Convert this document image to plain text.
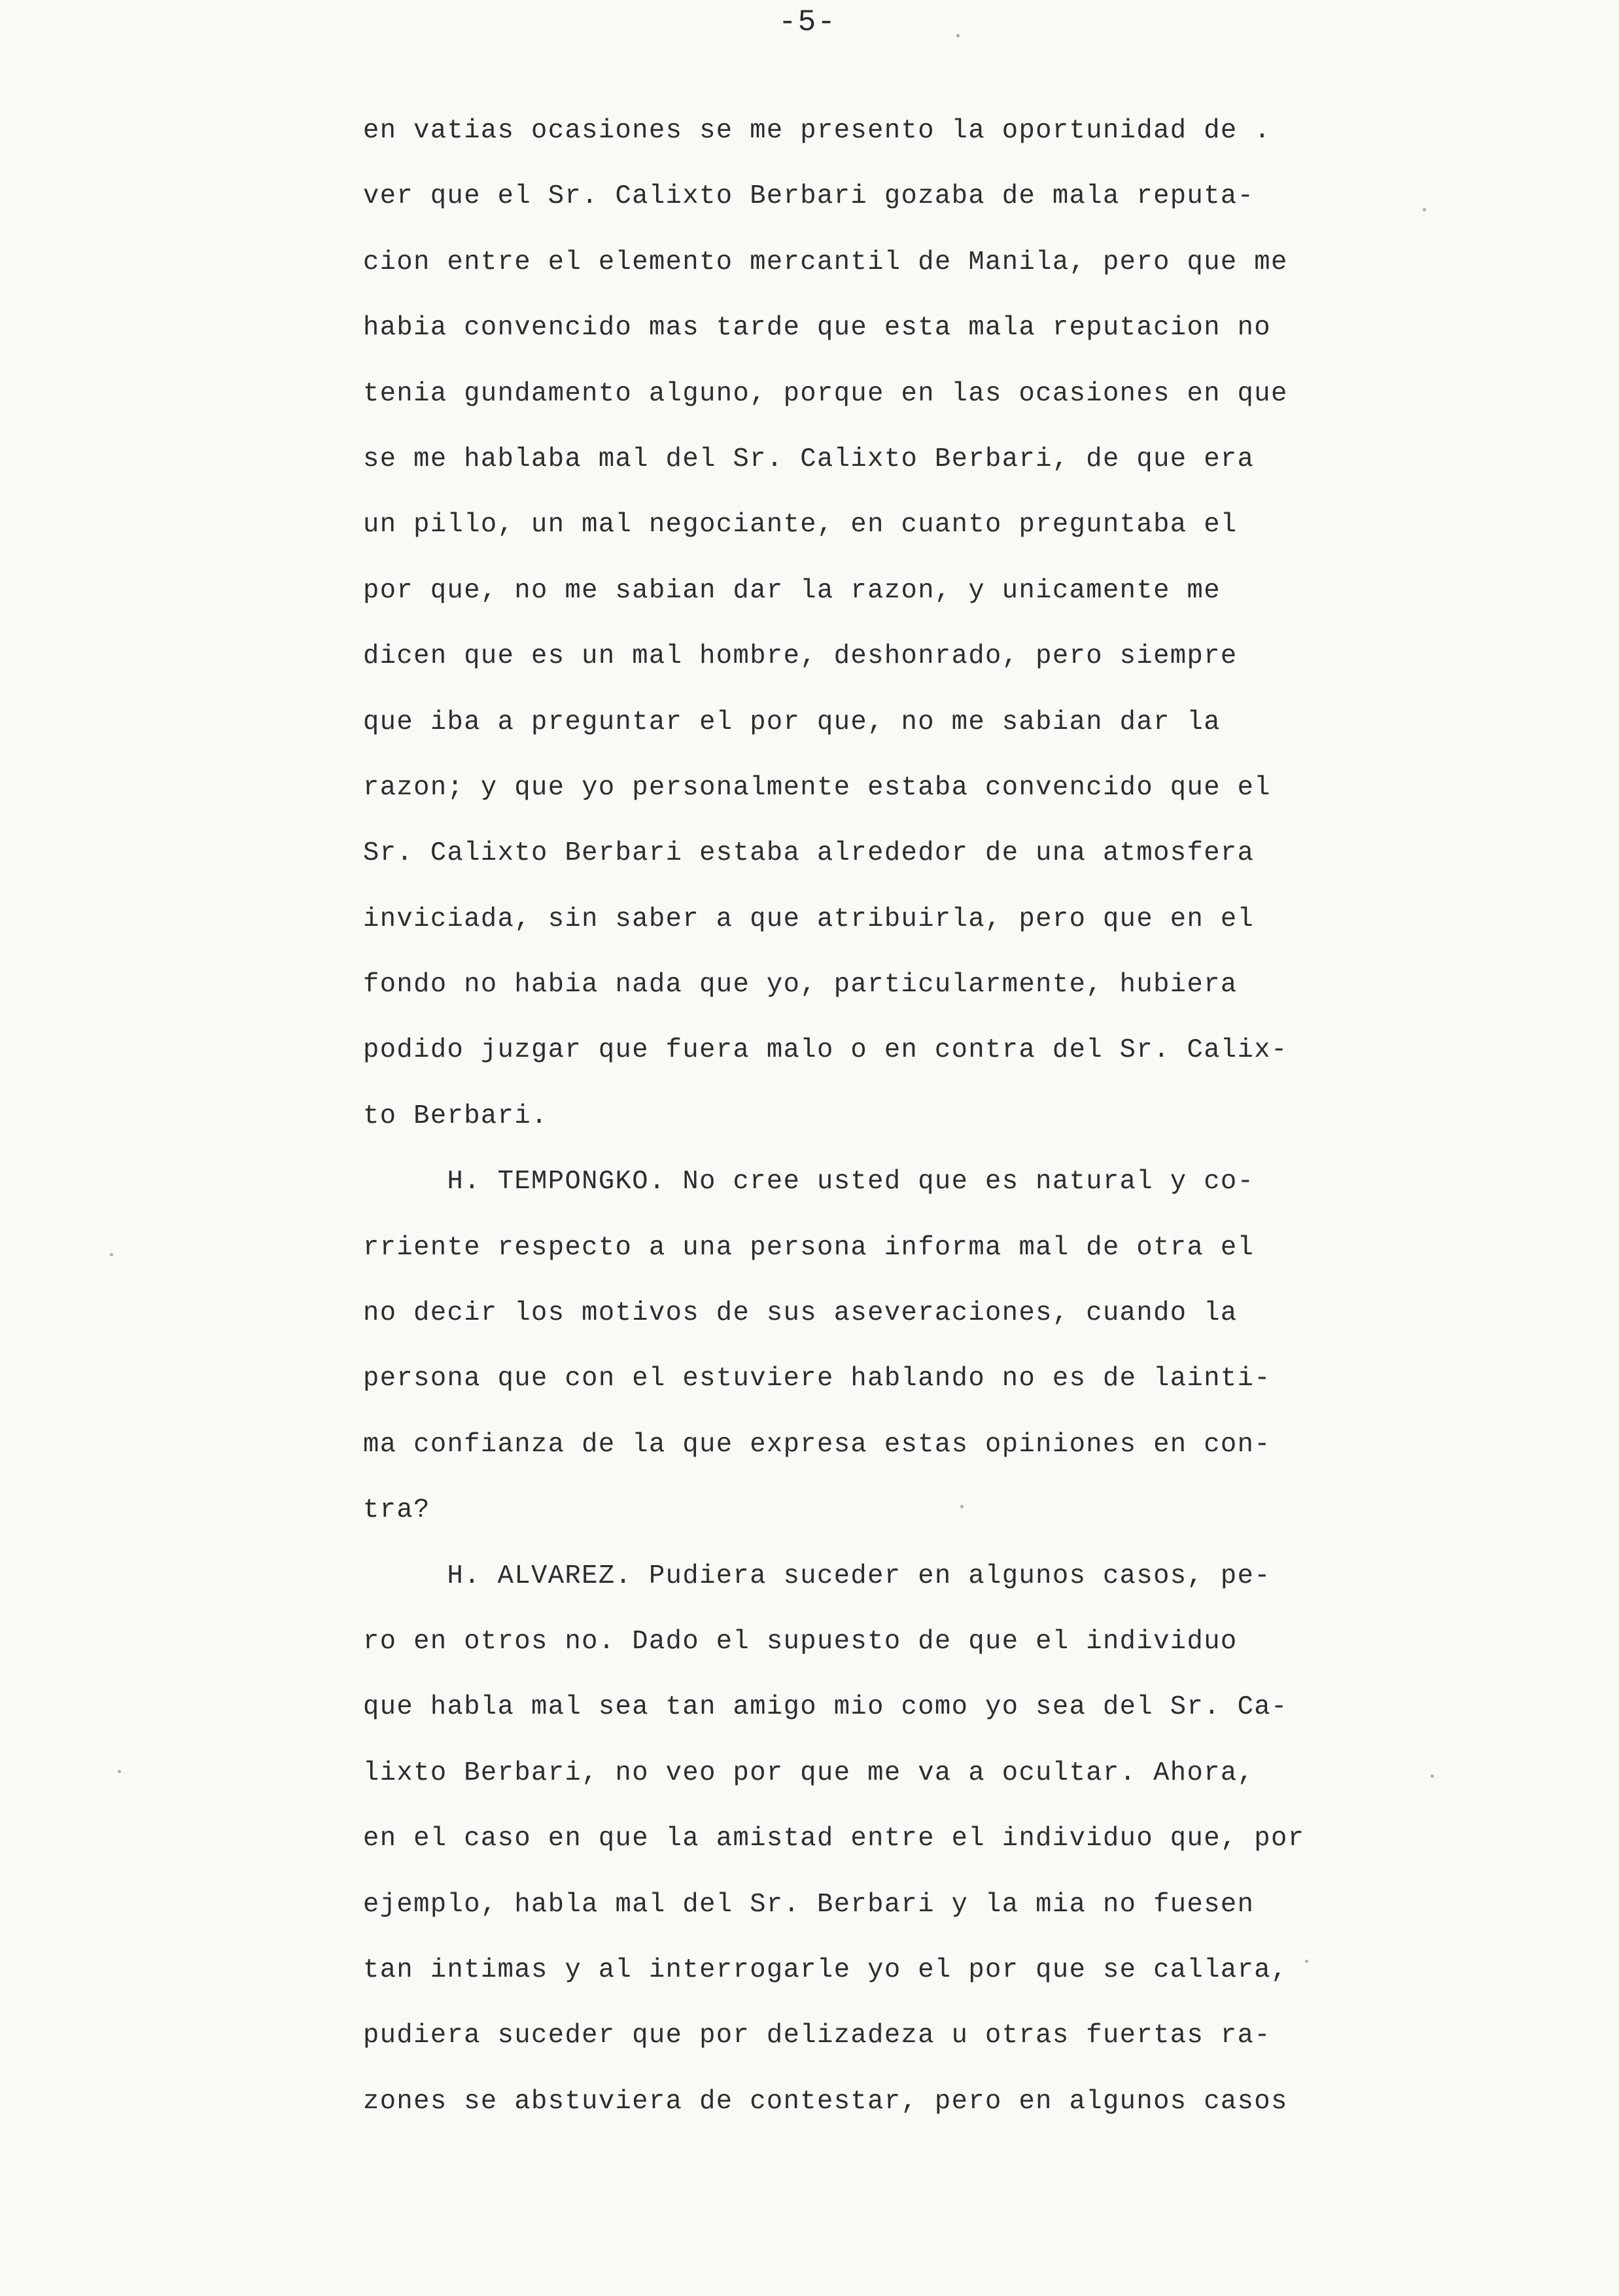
-5-
en vatias ocasiones se me presento la oportunidad de .
ver que el Sr. Calixto Berbari gozaba de mala reputa-
cion entre el elemento mercantil de Manila, pero que me
habia convencido mas tarde que esta mala reputacion no
tenia gundamento alguno, porque en las ocasiones en que
se me hablaba mal del Sr. Calixto Berbari, de que era
un pillo, un mal negociante, en cuanto preguntaba el
por que, no me sabian dar la razon, y unicamente me
dicen que es un mal hombre, deshonrado, pero siempre
que iba a preguntar el por que, no me sabian dar la
razon; y que yo personalmente estaba convencido que el
Sr. Calixto Berbari estaba alrededor de una atmosfera
inviciada, sin saber a que atribuirla, pero que en el
fondo no habia nada que yo, particularmente, hubiera
podido juzgar que fuera malo o en contra del Sr. Calix-
to Berbari.
H. TEMPONGKO. No cree usted que es natural y co-
rriente respecto a una persona informa mal de otra el
no decir los motivos de sus aseveraciones, cuando la
persona que con el estuviere hablando no es de lainti-
ma confianza de la que expresa estas opiniones en con-
tra?
H. ALVAREZ. Pudiera suceder en algunos casos, pe-
ro en otros no. Dado el supuesto de que el individuo
que habla mal sea tan amigo mio como yo sea del Sr. Ca-
lixto Berbari, no veo por que me va a ocultar. Ahora,
en el caso en que la amistad entre el individuo que, por
ejemplo, habla mal del Sr. Berbari y la mia no fuesen
tan intimas y al interrogarle yo el por que se callara,
pudiera suceder que por delizadeza u otras fuertas ra-
zones se abstuviera de contestar, pero en algunos casos
